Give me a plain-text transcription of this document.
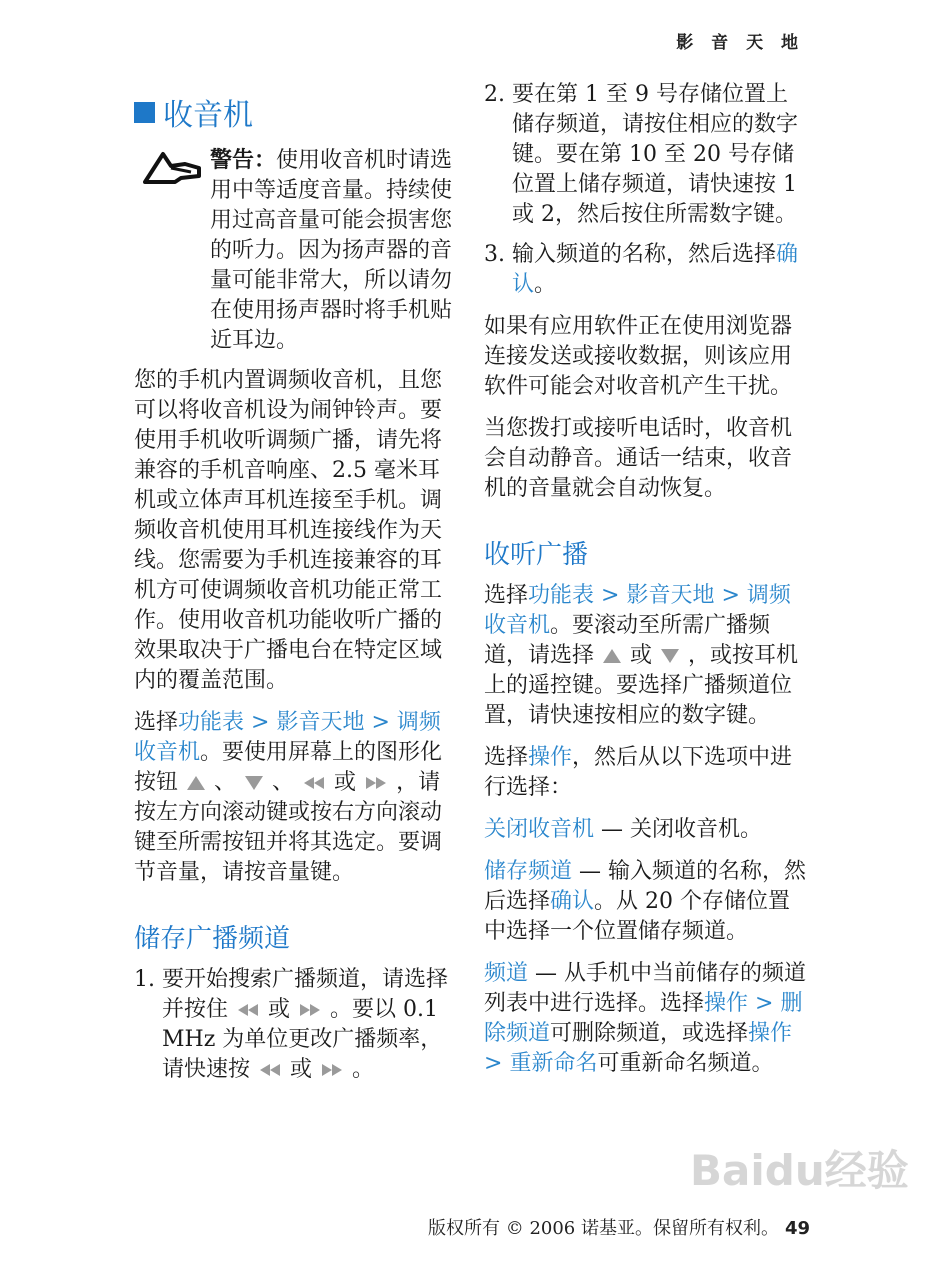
影 音 天 地
收音机
警告：使用收音机时请选用中等适度音量。持续使用过高音量可能会损害您的听力。因为扬声器的音量可能非常大，所以请勿在使用扬声器时将手机贴近耳边。

您的手机内置调频收音机，且您可以将收音机设为闹钟铃声。要使用手机收听调频广播，请先将兼容的手机音响座、2.5 毫米耳机或立体声耳机连接至手机。调频收音机使用耳机连接线作为天线。您需要为手机连接兼容的耳机方可使调频收音机功能正常工作。使用收音机功能收听广播的效果取决于广播电台在特定区域内的覆盖范围。

选择功能表 > 影音天地 > 调频收音机。要使用屏幕上的图形化按钮 、 、 或 ，请按左方向滚动键或按右方向滚动键至所需按钮并将其选定。要调节音量，请按音量键。

储存广播频道
1. 要开始搜索广播频道，请选择并按住 或 。要以 0.1 MHz 为单位更改广播频率，请快速按 或 。
2. 要在第 1 至 9 号存储位置上储存频道，请按住相应的数字键。要在第 10 至 20 号存储位置上储存频道，请快速按 1 或 2，然后按住所需数字键。
3. 输入频道的名称，然后选择确认。

如果有应用软件正在使用浏览器连接发送或接收数据，则该应用软件可能会对收音机产生干扰。

当您拨打或接听电话时，收音机会自动静音。通话一结束，收音机的音量就会自动恢复。

收听广播

选择功能表 > 影音天地 > 调频收音机。要滚动至所需广播频道，请选择 或 ，或按耳机上的遥控键。要选择广播频道位置，请快速按相应的数字键。

选择操作，然后从以下选项中进行选择：

关闭收音机 — 关闭收音机。

储存频道 — 输入频道的名称，然后选择确认。从 20 个存储位置中选择一个位置储存频道。

频道 — 从手机中当前储存的频道列表中进行选择。选择操作 > 删除频道可删除频道，或选择操作 > 重新命名可重新命名频道。

Baidu经验
版权所有 © 2006 诺基亚。保留所有权利。 49
